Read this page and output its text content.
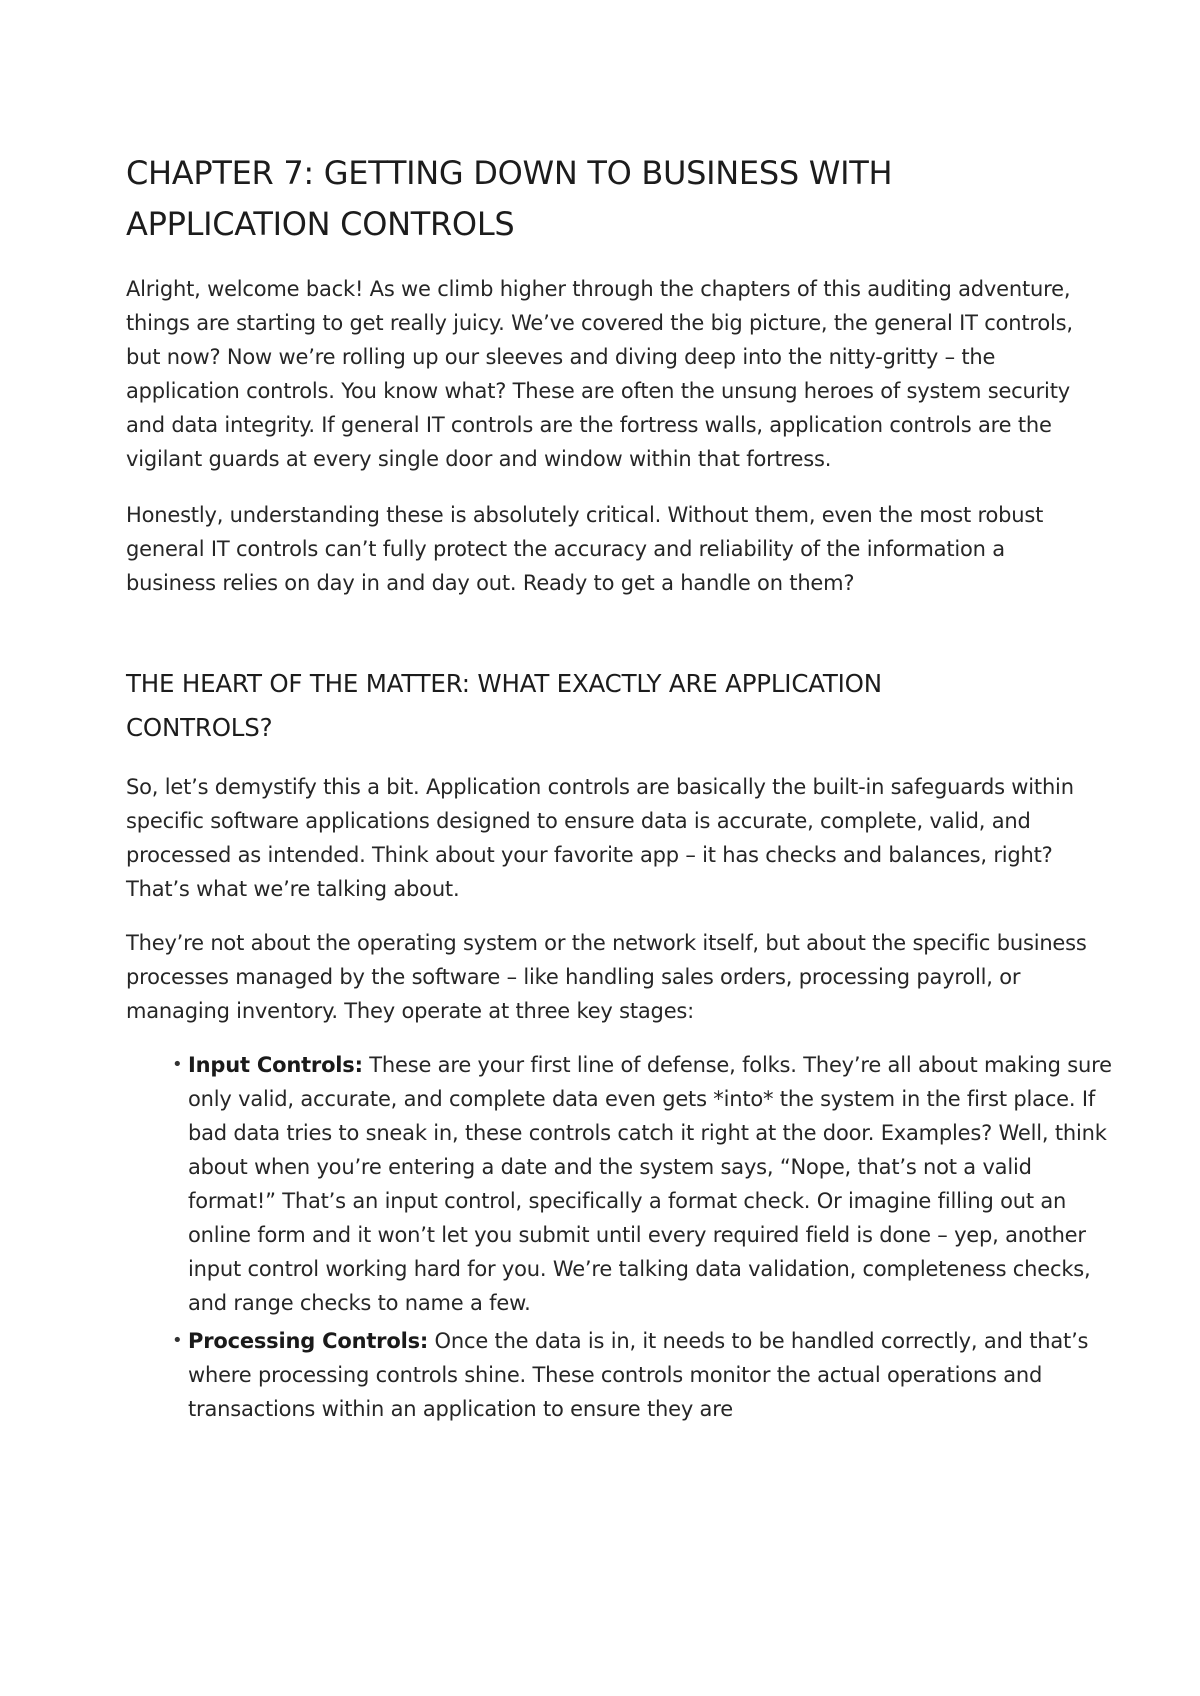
CHAPTER 7: GETTING DOWN TO BUSINESS WITH APPLICATION CONTROLS

Alright, welcome back! As we climb higher through the chapters of this auditing adventure, things are starting to get really juicy. We’ve covered the big picture, the general IT controls, but now? Now we’re rolling up our sleeves and diving deep into the nitty-gritty – the application controls. You know what? These are often the unsung heroes of system security and data integrity. If general IT controls are the fortress walls, application controls are the vigilant guards at every single door and window within that fortress.

Honestly, understanding these is absolutely critical. Without them, even the most robust general IT controls can’t fully protect the accuracy and reliability of the information a business relies on day in and day out. Ready to get a handle on them?

THE HEART OF THE MATTER: WHAT EXACTLY ARE APPLICATION CONTROLS?

So, let’s demystify this a bit. Application controls are basically the built-in safeguards within specific software applications designed to ensure data is accurate, complete, valid, and processed as intended. Think about your favorite app – it has checks and balances, right? That’s what we’re talking about.

They’re not about the operating system or the network itself, but about the specific business processes managed by the software – like handling sales orders, processing payroll, or managing inventory. They operate at three key stages:

• Input Controls: These are your first line of defense, folks. They’re all about making sure only valid, accurate, and complete data even gets *into* the system in the first place. If bad data tries to sneak in, these controls catch it right at the door. Examples? Well, think about when you’re entering a date and the system says, “Nope, that’s not a valid format!” That’s an input control, specifically a format check. Or imagine filling out an online form and it won’t let you submit until every required field is done – yep, another input control working hard for you. We’re talking data validation, completeness checks, and range checks to name a few.
• Processing Controls: Once the data is in, it needs to be handled correctly, and that’s where processing controls shine. These controls monitor the actual operations and transactions within an application to ensure they are
